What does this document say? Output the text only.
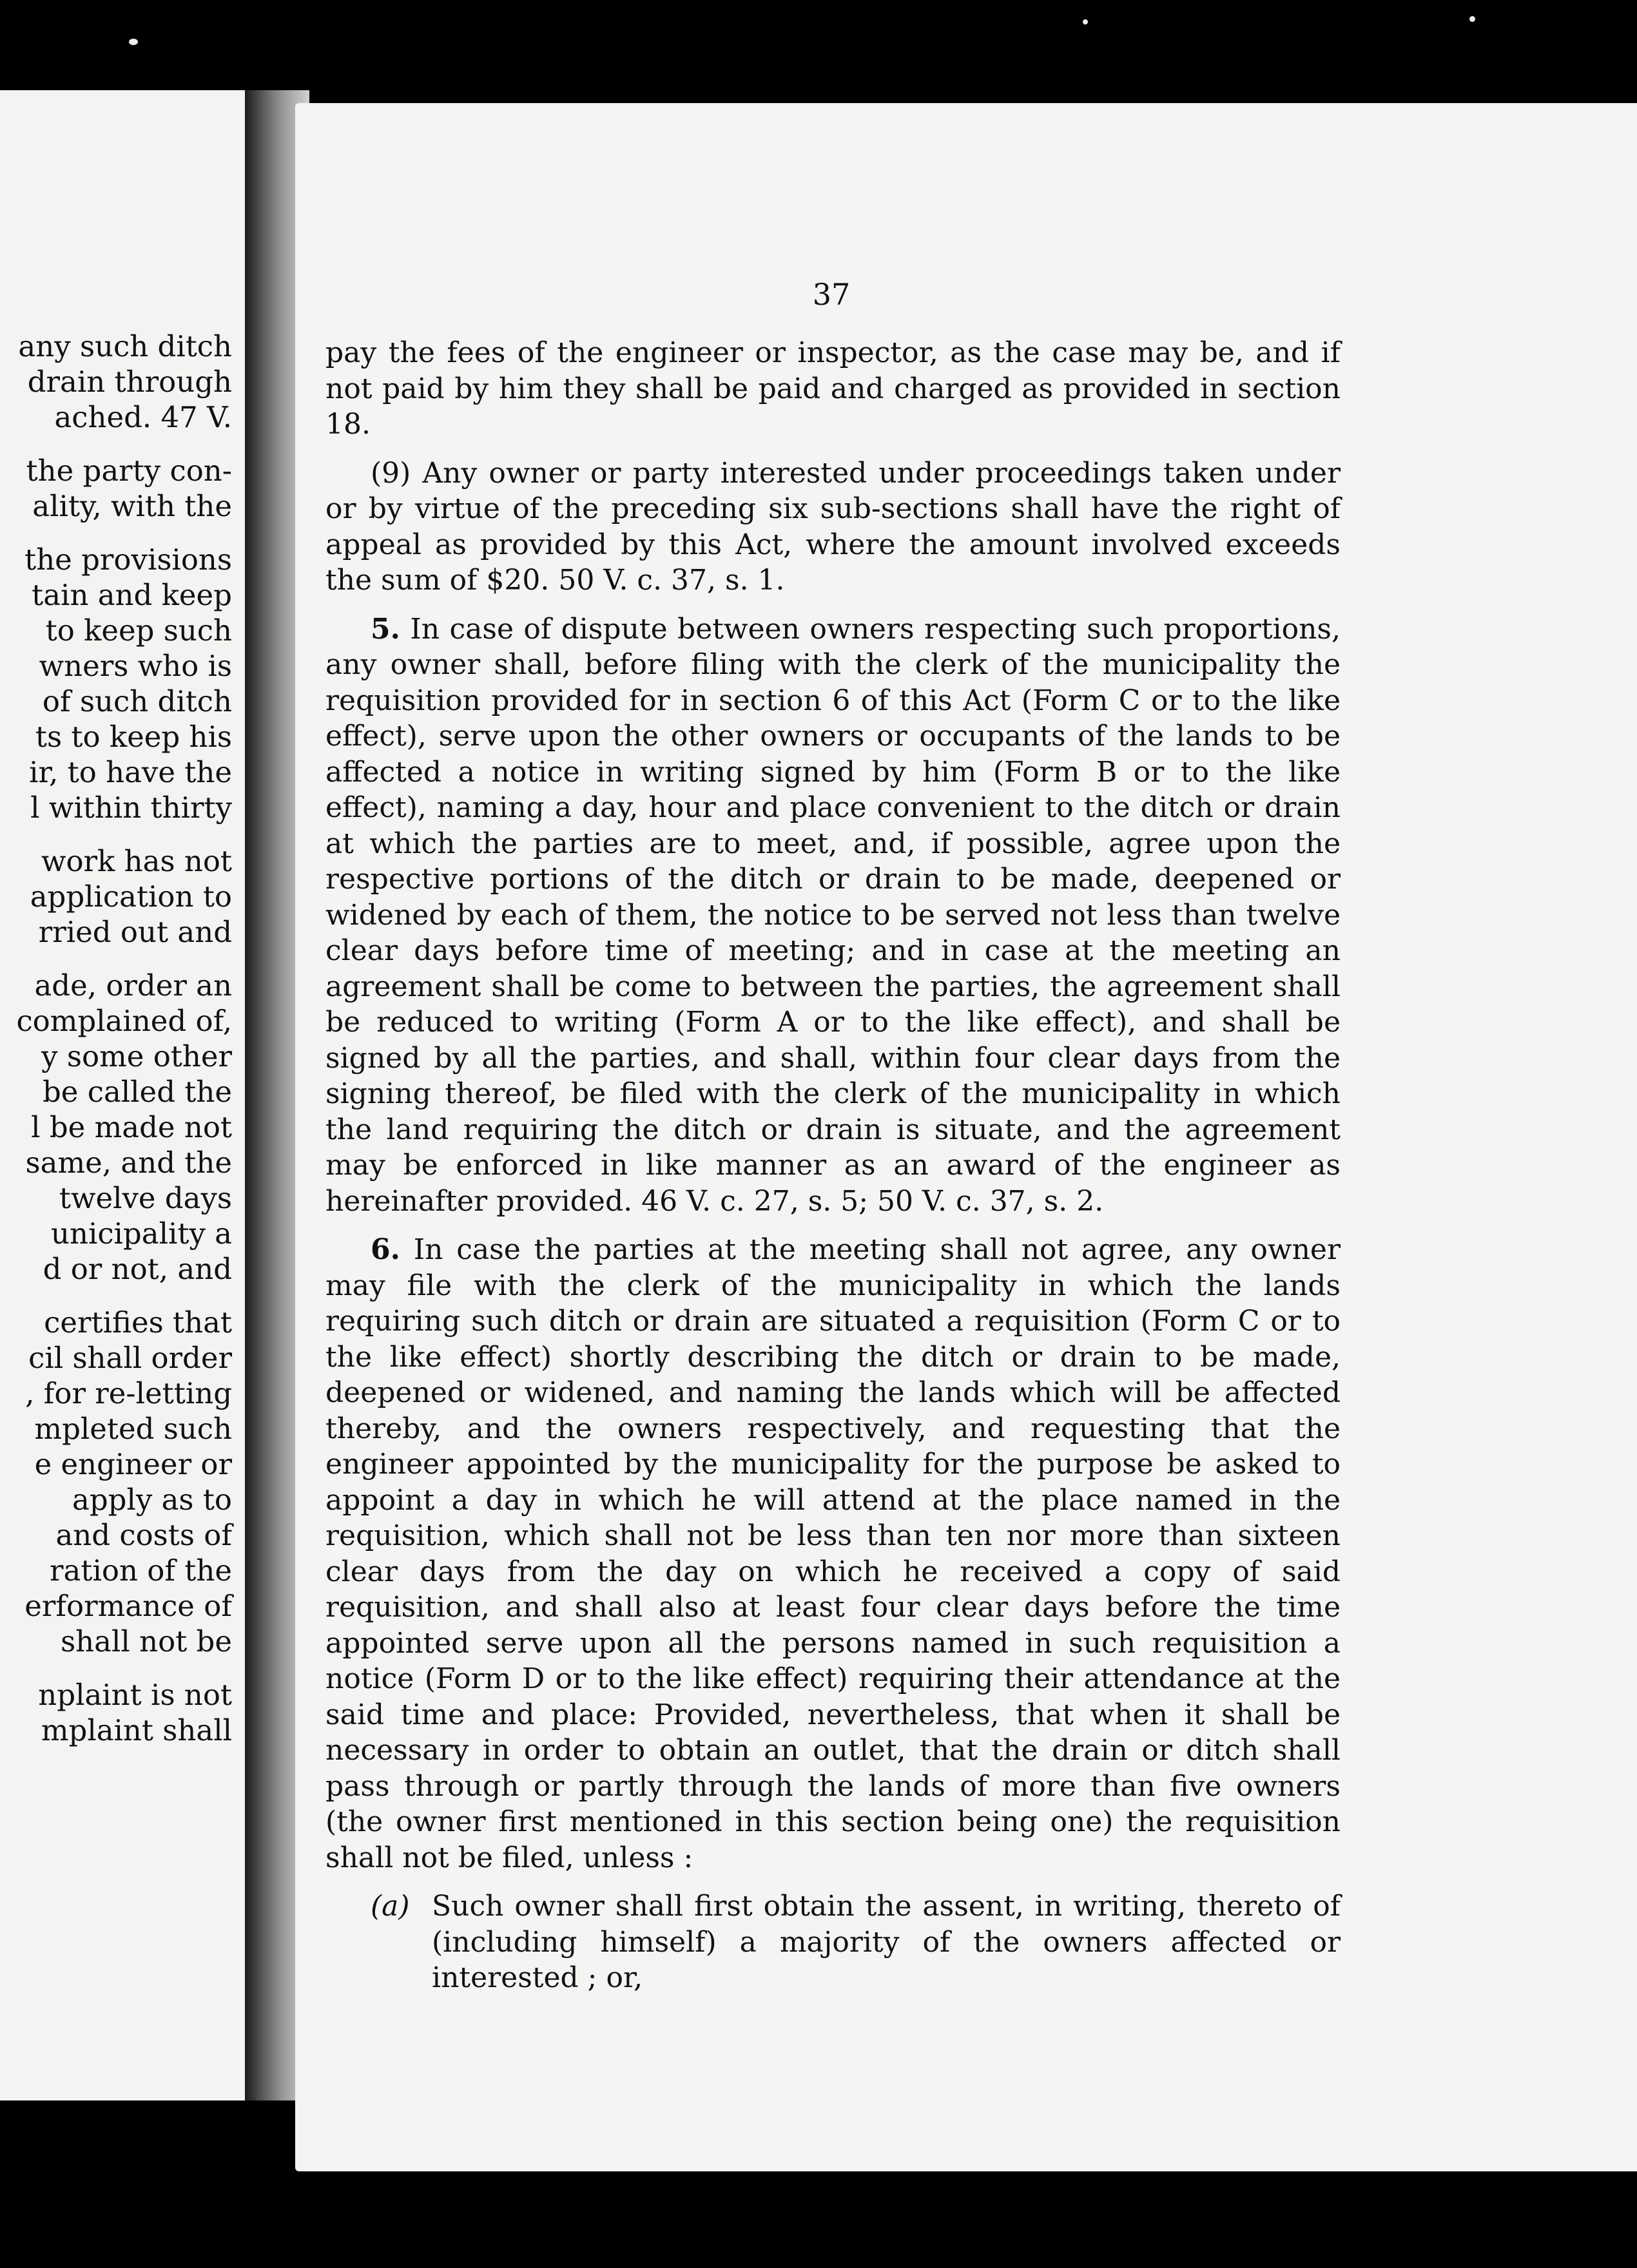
any such ditch
drain through
ached. 47 V.
the party con-
ality, with the
the provisions
tain and keep
to keep such
wners who is
of such ditch
ts to keep his
ir, to have the
l within thirty
work has not
application to
rried out and
ade, order an
complained of,
y some other
be called the
l be made not
same, and the
twelve days
unicipality a
d or not, and
certifies that
cil shall order
, for re-letting
mpleted such
e engineer or
apply as to
and costs of
ration of the
erformance of
shall not be
nplaint is not
mplaint shall
37

pay the fees of the engineer or inspector, as the case may be, and if not paid by him they shall be paid and charged as provided in section 18.

(9) Any owner or party interested under proceedings taken under or by virtue of the preceding six sub-sections shall have the right of appeal as provided by this Act, where the amount involved exceeds the sum of $20. 50 V. c. 37, s. 1.

5. In case of dispute between owners respecting such proportions, any owner shall, before filing with the clerk of the municipality the requisition provided for in section 6 of this Act (Form C or to the like effect), serve upon the other owners or occupants of the lands to be affected a notice in writing signed by him (Form B or to the like effect), naming a day, hour and place convenient to the ditch or drain at which the parties are to meet, and, if possible, agree upon the respective portions of the ditch or drain to be made, deepened or widened by each of them, the notice to be served not less than twelve clear days before time of meeting; and in case at the meeting an agreement shall be come to between the parties, the agreement shall be reduced to writing (Form A or to the like effect), and shall be signed by all the parties, and shall, within four clear days from the signing thereof, be filed with the clerk of the municipality in which the land requiring the ditch or drain is situate, and the agreement may be enforced in like manner as an award of the engineer as hereinafter provided. 46 V. c. 27, s. 5; 50 V. c. 37, s. 2.

6. In case the parties at the meeting shall not agree, any owner may file with the clerk of the municipality in which the lands requiring such ditch or drain are situated a requisition (Form C or to the like effect) shortly describing the ditch or drain to be made, deepened or widened, and naming the lands which will be affected thereby, and the owners respectively, and requesting that the engineer appointed by the municipality for the purpose be asked to appoint a day in which he will attend at the place named in the requisition, which shall not be less than ten nor more than sixteen clear days from the day on which he received a copy of said requisition, and shall also at least four clear days before the time appointed serve upon all the persons named in such requisition a notice (Form D or to the like effect) requiring their attendance at the said time and place: Provided, nevertheless, that when it shall be necessary in order to obtain an outlet, that the drain or ditch shall pass through or partly through the lands of more than five owners (the owner first mentioned in this section being one) the requisition shall not be filed, unless :

(a) Such owner shall first obtain the assent, in writing, thereto of (including himself) a majority of the owners affected or interested ; or,
